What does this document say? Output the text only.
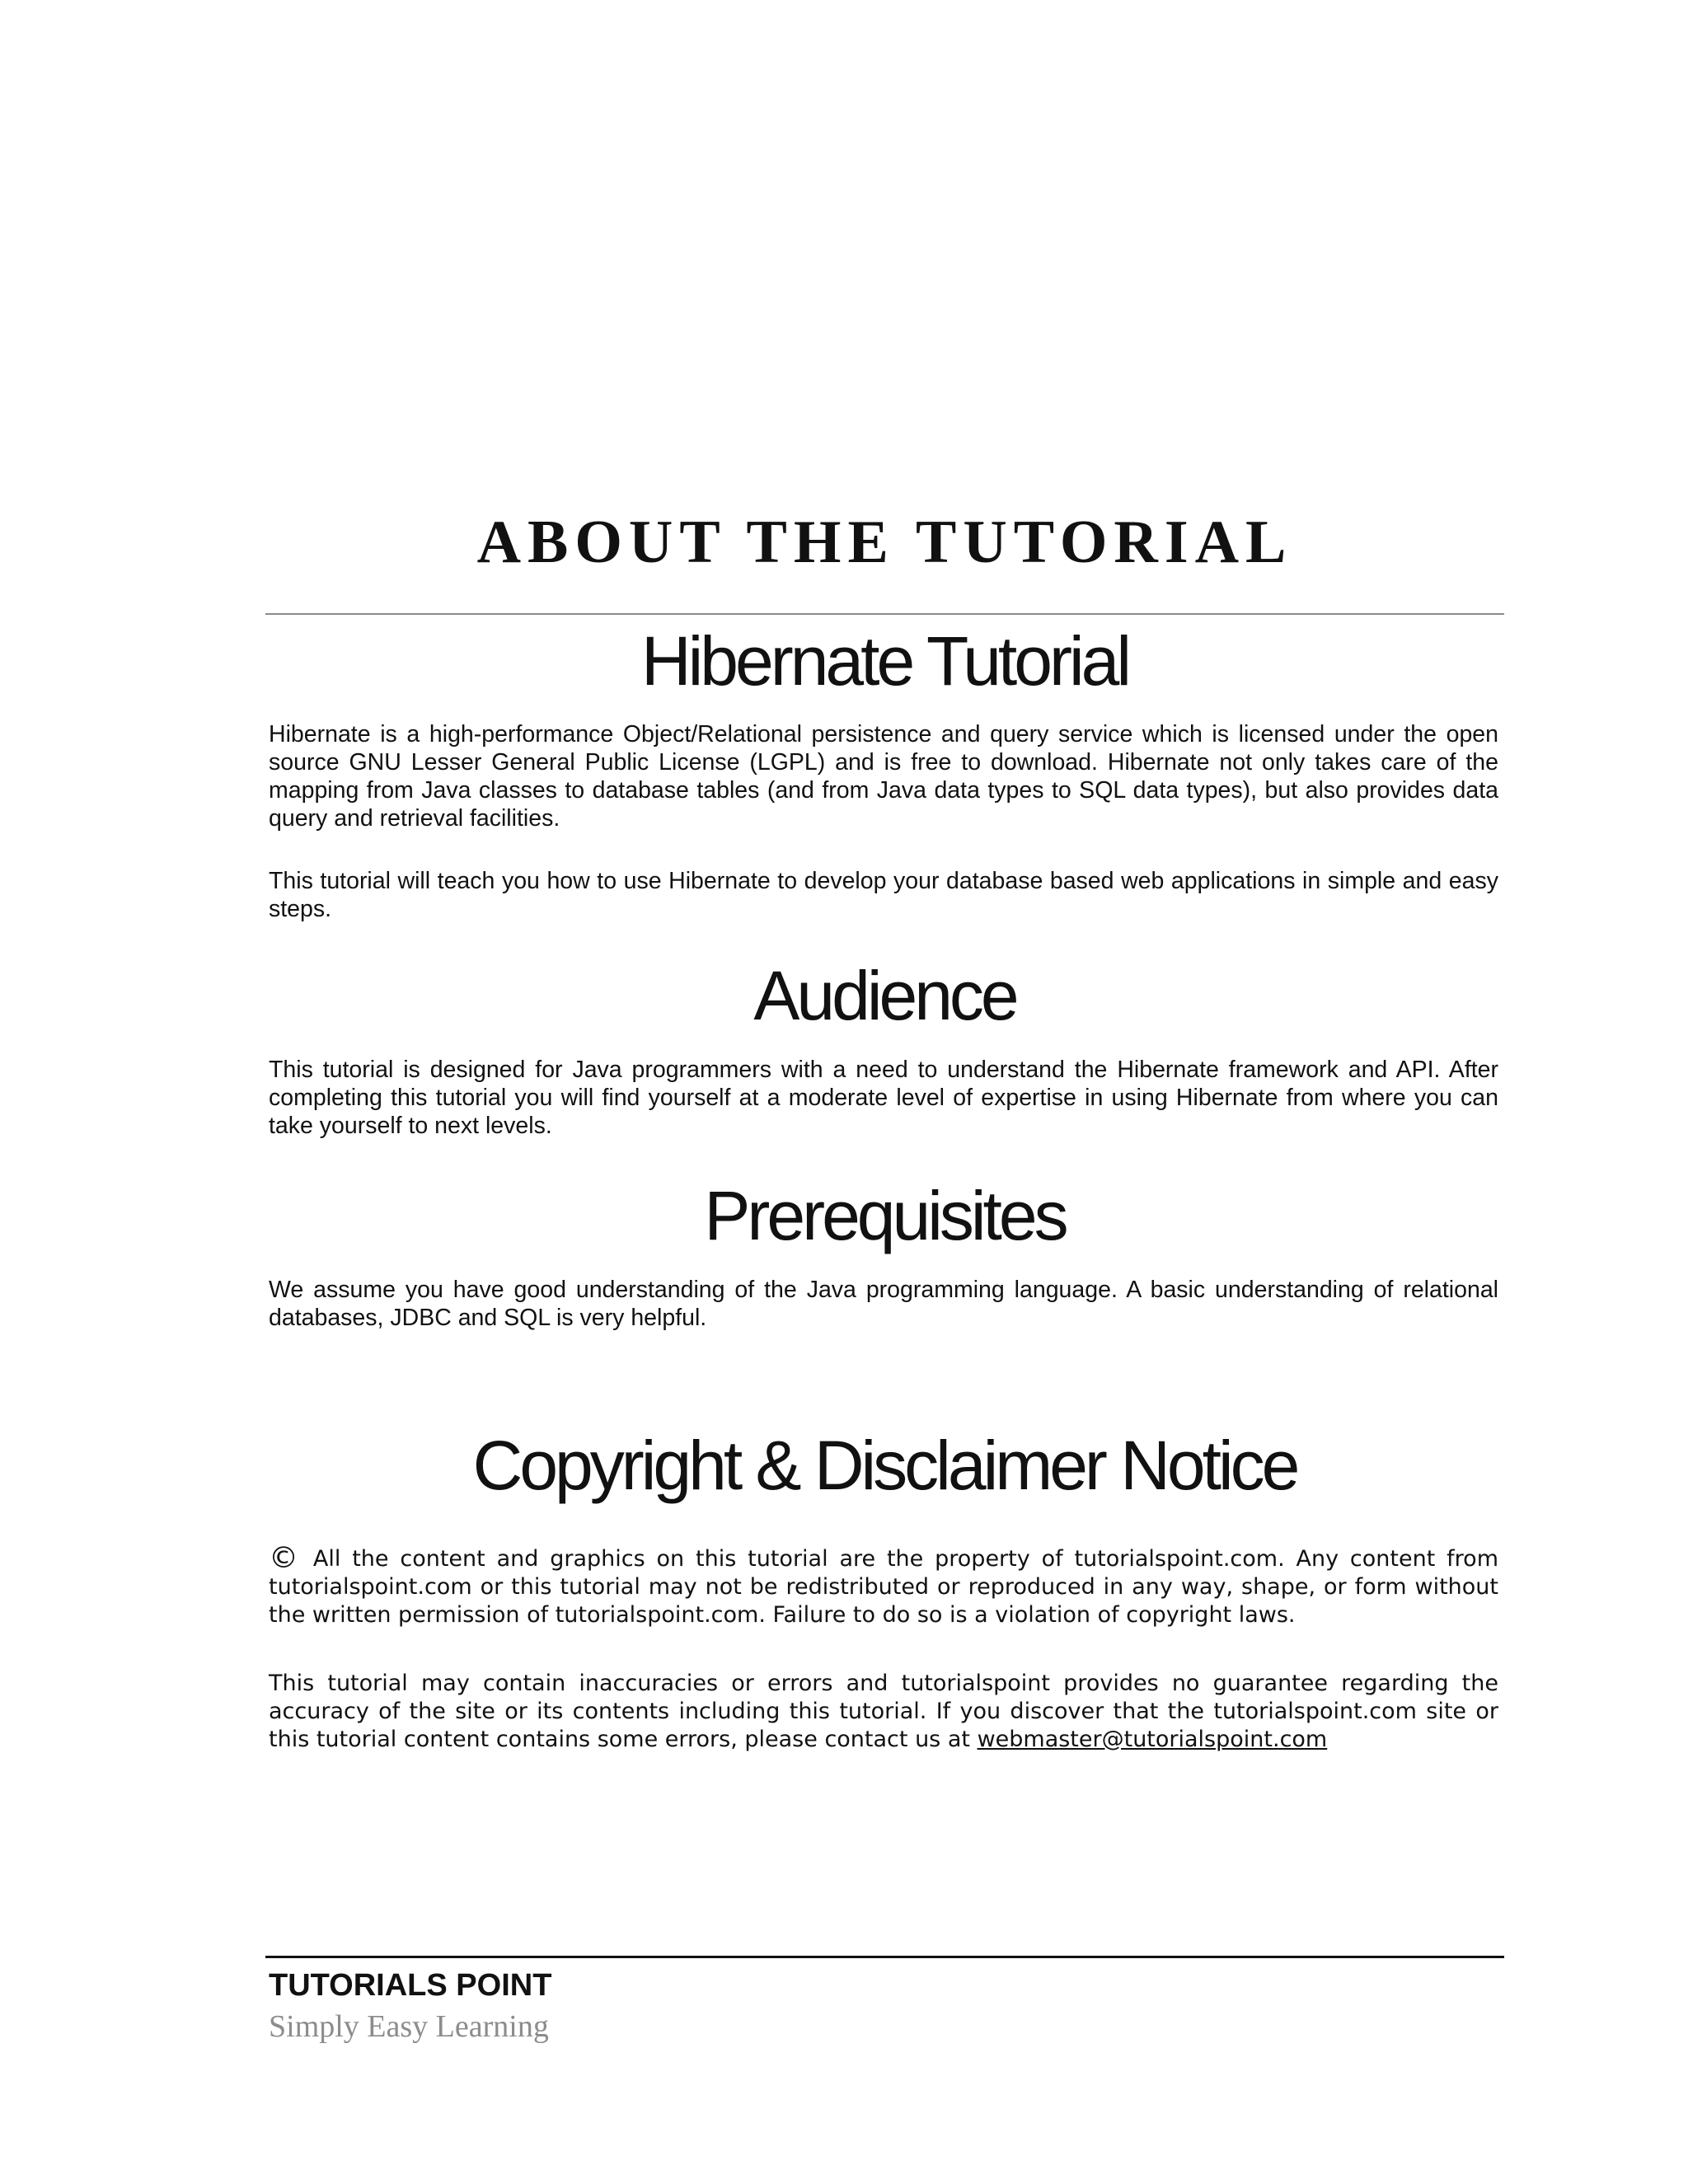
ABOUT THE TUTORIAL
Hibernate Tutorial

Hibernate is a high-performance Object/Relational persistence and query service which is licensed under the open source GNU Lesser General Public License (LGPL) and is free to download. Hibernate not only takes care of the mapping from Java classes to database tables (and from Java data types to SQL data types), but also provides data query and retrieval facilities.

This tutorial will teach you how to use Hibernate to develop your database based web applications in simple and easy steps.

Audience

This tutorial is designed for Java programmers with a need to understand the Hibernate framework and API. After completing this tutorial you will find yourself at a moderate level of expertise in using Hibernate from where you can take yourself to next levels.

Prerequisites

We assume you have good understanding of the Java programming language. A basic understanding of relational databases, JDBC and SQL is very helpful.

Copyright & Disclaimer Notice

© All the content and graphics on this tutorial are the property of tutorialspoint.com. Any content from tutorialspoint.com or this tutorial may not be redistributed or reproduced in any way, shape, or form without the written permission of tutorialspoint.com. Failure to do so is a violation of copyright laws.

This tutorial may contain inaccuracies or errors and tutorialspoint provides no guarantee regarding the accuracy of the site or its contents including this tutorial. If you discover that the tutorialspoint.com site or this tutorial content contains some errors, please contact us at webmaster@tutorialspoint.com

TUTORIALS POINT

Simply Easy Learning
